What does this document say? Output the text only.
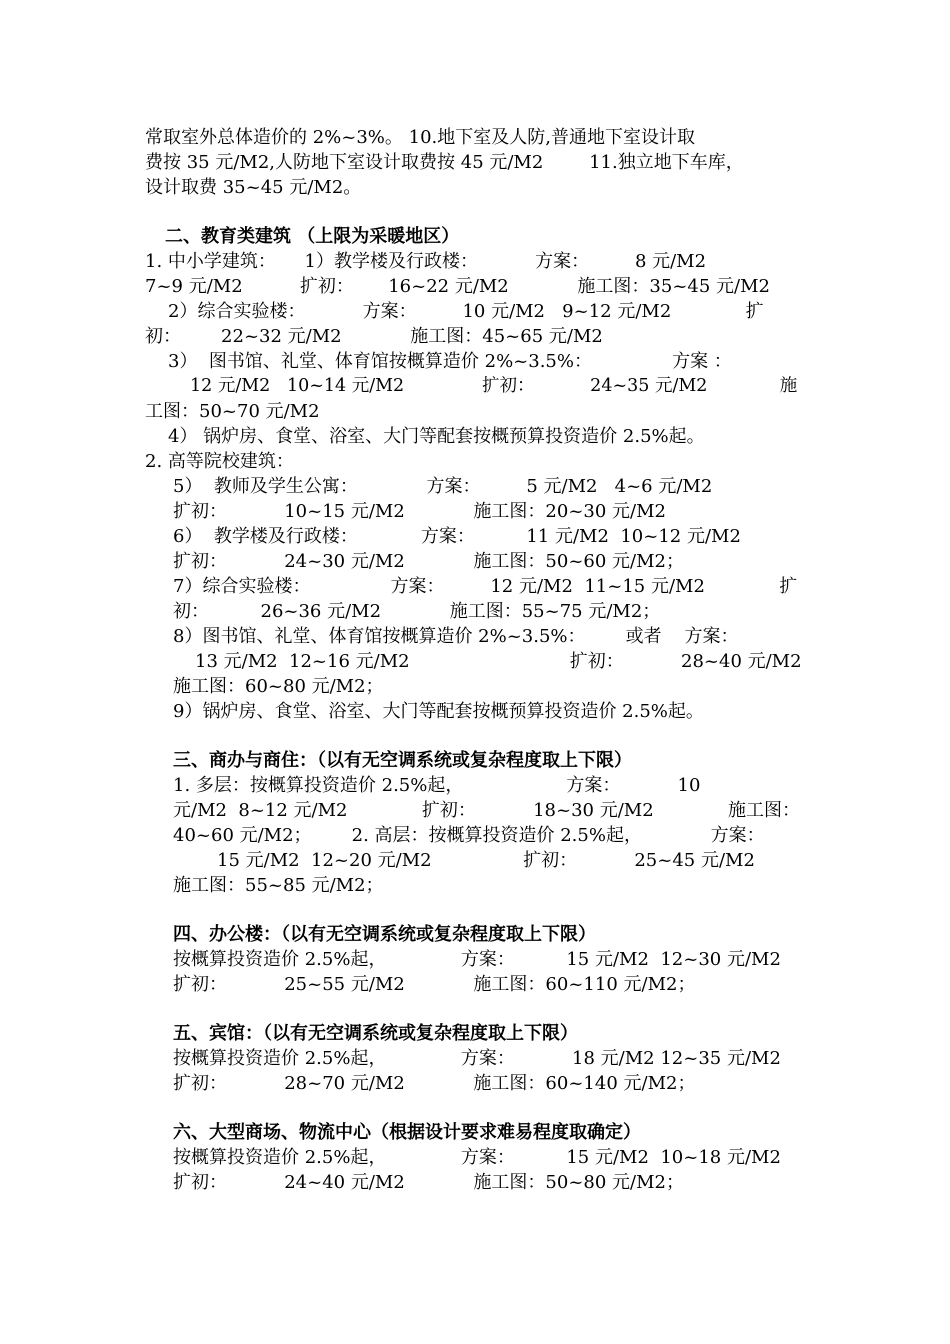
常取室外总体造价的 2%~3%。 10.地下室及人防,普通地下室设计取
费按 35 元/M2,人防地下室设计取费按 45 元/M2        11.独立地下车库，
设计取费 35~45 元/M2。
二、教育类建筑 （上限为采暖地区）
1. 中小学建筑：     1）教学楼及行政楼：          方案：        8 元/M2
7~9 元/M2          扩初：      16~22 元/M2            施工图：35~45 元/M2
2）综合实验楼：          方案：        10 元/M2   9~12 元/M2             扩
初：       22~32 元/M2            施工图：45~65 元/M2
3）  图书馆、礼堂、体育馆按概算造价 2%~3.5%：              方案 ：
12 元/M2   10~14 元/M2              扩初：          24~35 元/M2             施
工图：50~70 元/M2
4） 锅炉房、食堂、浴室、大门等配套按概预算投资造价 2.5%起。
2. 高等院校建筑：
5）  教师及学生公寓：            方案：        5 元/M2   4~6 元/M2
扩初：          10~15 元/M2            施工图：20~30 元/M2
6）  教学楼及行政楼：           方案：         11 元/M2  10~12 元/M2
扩初：          24~30 元/M2            施工图：50~60 元/M2；
7）综合实验楼：              方案：        12 元/M2  11~15 元/M2             扩
初：         26~36 元/M2            施工图：55~75 元/M2；
8）图书馆、礼堂、体育馆按概算造价 2%~3.5%：       或者    方案：
13 元/M2  12~16 元/M2                            扩初：          28~40 元/M2
施工图：60~80 元/M2；
9）锅炉房、食堂、浴室、大门等配套按概预算投资造价 2.5%起。
三、商办与商住：（以有无空调系统或复杂程度取上下限）
1. 多层：按概算投资造价 2.5%起，                  方案：          10
元/M2  8~12 元/M2             扩初：          18~30 元/M2             施工图：
40~60 元/M2；       2. 高层：按概算投资造价 2.5%起，            方案：
15 元/M2  12~20 元/M2                扩初：          25~45 元/M2
施工图：55~85 元/M2；
四、办公楼：（以有无空调系统或复杂程度取上下限）
按概算投资造价 2.5%起，             方案：         15 元/M2  12~30 元/M2
扩初：          25~55 元/M2            施工图：60~110 元/M2；
五、宾馆：（以有无空调系统或复杂程度取上下限）
按概算投资造价 2.5%起，             方案：          18 元/M2 12~35 元/M2
扩初：          28~70 元/M2            施工图：60~140 元/M2；
六、大型商场、物流中心（根据设计要求难易程度取确定）
按概算投资造价 2.5%起，             方案：         15 元/M2  10~18 元/M2
扩初：          24~40 元/M2            施工图：50~80 元/M2；
